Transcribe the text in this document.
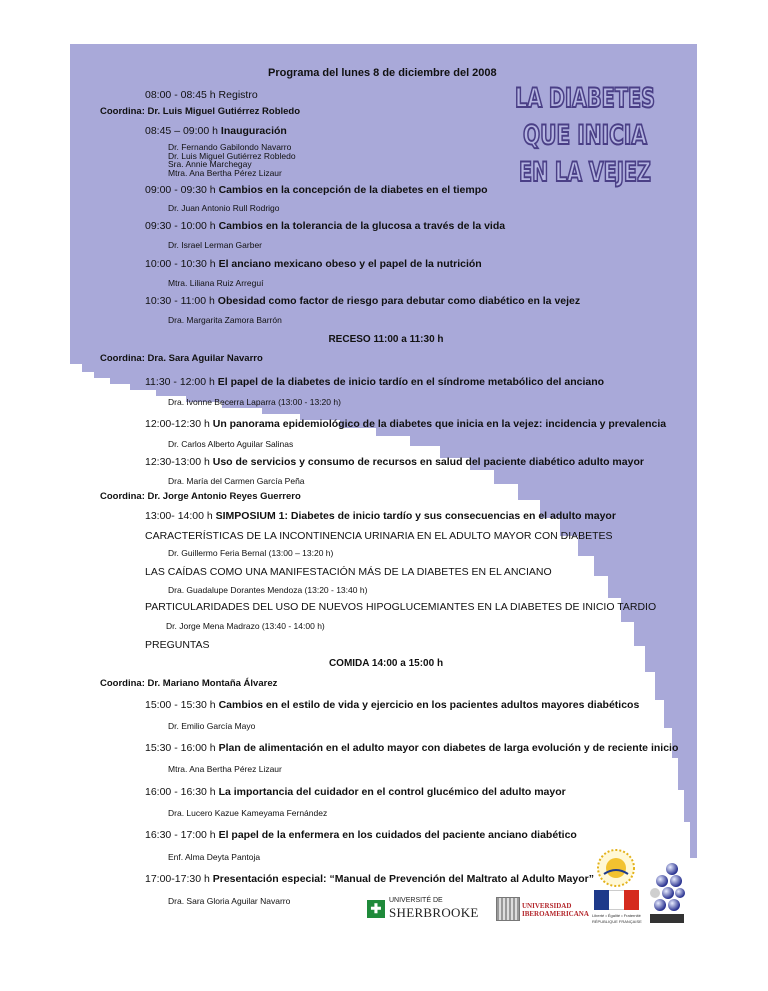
LA DIABETES
QUE INICIA
EN LA VEJEZ
Programa del lunes 8 de diciembre del 2008
08:00 - 08:45 h Registro
Coordina: Dr. Luis Miguel Gutiérrez Robledo
08:45 – 09:00 h Inauguración
Dr. Fernando Gabilondo Navarro
Dr. Luis Miguel Gutiérrez Robledo
Sra. Annie Marchegay
Mtra. Ana Bertha Pérez Lizaur
09:00 - 09:30 h Cambios en la concepción de la diabetes en el tiempo
Dr. Juan Antonio Rull Rodrigo
09:30 - 10:00 h Cambios en la tolerancia de la glucosa a través de la vida
Dr. Israel Lerman Garber
10:00 - 10:30 h El anciano mexicano obeso y el papel de la nutrición
Mtra. Liliana Ruiz Arreguí
10:30 - 11:00 h Obesidad como factor de riesgo para debutar como diabético en la vejez
Dra. Margarita Zamora Barrón
RECESO 11:00 a 11:30 h
Coordina: Dra. Sara Aguilar Navarro
11:30 - 12:00 h El papel de la diabetes de inicio tardío en el síndrome metabólico del anciano
Dra. Ivonne Becerra Laparra (13:00 - 13:20 h)
12:00-12:30 h Un panorama epidemiológico de la diabetes que inicia en la vejez: incidencia y prevalencia
Dr. Carlos Alberto Aguilar Salinas
12:30-13:00 h Uso de servicios y consumo de recursos en salud del paciente diabético adulto mayor
Dra. María del Carmen García Peña
Coordina: Dr. Jorge Antonio Reyes Guerrero
13:00- 14:00 h SIMPOSIUM 1: Diabetes de inicio tardío y sus consecuencias en el adulto mayor
CARACTERÍSTICAS DE LA INCONTINENCIA URINARIA EN EL ADULTO MAYOR CON DIABETES
Dr. Guillermo Feria Bernal (13:00 – 13:20 h)
LAS CAÍDAS COMO UNA MANIFESTACIÓN MÁS DE LA DIABETES EN EL ANCIANO
Dra. Guadalupe Dorantes Mendoza (13:20 - 13:40 h)
PARTICULARIDADES DEL USO DE NUEVOS HIPOGLUCEMIANTES EN LA DIABETES DE INICIO TARDIO
Dr. Jorge Mena Madrazo (13:40 - 14:00 h)
PREGUNTAS
COMIDA 14:00 a 15:00 h
Coordina: Dr. Mariano Montaña Álvarez
15:00 - 15:30 h Cambios en el estilo de vida y ejercicio en los pacientes adultos mayores diabéticos
Dr. Emilio García Mayo
15:30 - 16:00 h Plan de alimentación en el adulto mayor con diabetes de larga evolución y de reciente inicio
Mtra. Ana Bertha Pérez Lizaur
16:00 - 16:30 h La importancia del cuidador en el control glucémico del adulto mayor
Dra. Lucero Kazue Kameyama Fernández
16:30 - 17:00 h El papel de la enfermera en los cuidados del paciente anciano diabético
Enf. Alma Deyta Pantoja
17:00-17:30 h Presentación especial: “Manual de Prevención del Maltrato al Adulto Mayor”
Dra. Sara Gloria Aguilar Navarro	✚
UNIVERSITÉ DE
SHERBROOKE	UNIVERSIDAD
IBEROAMERICANA Liberté • Égalité • Fraternité
RÉPUBLIQUE FRANÇAISE
